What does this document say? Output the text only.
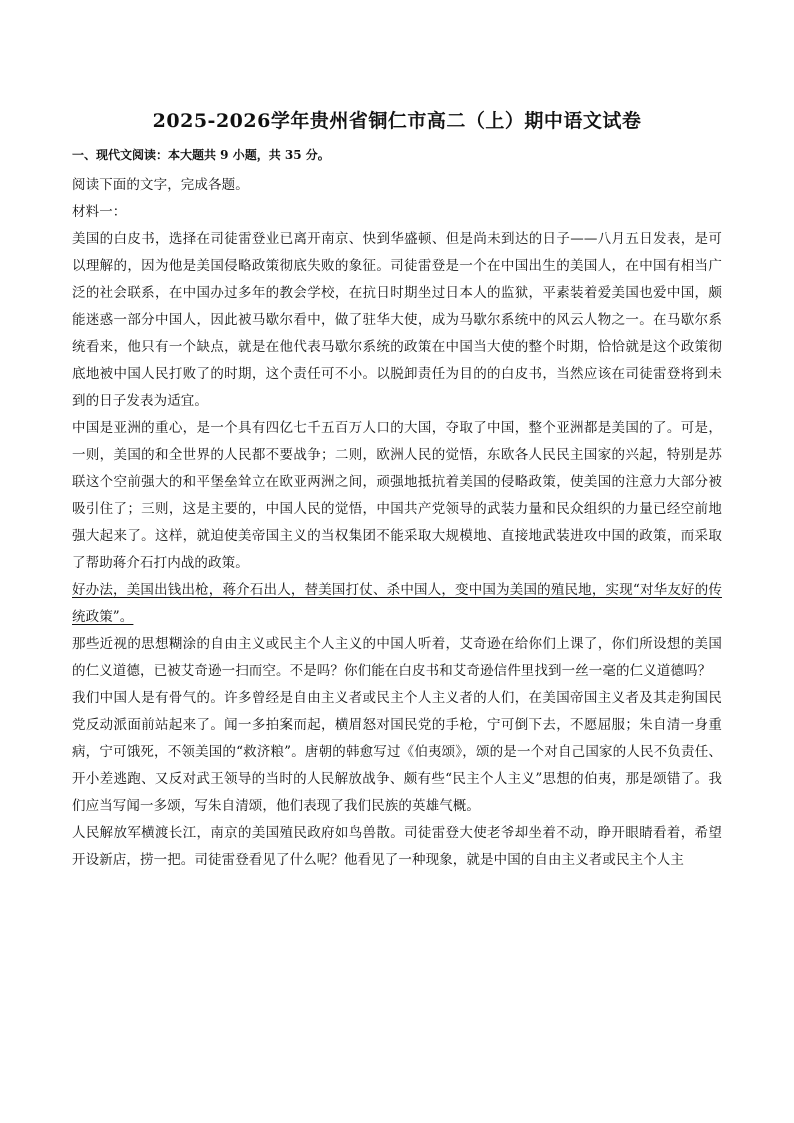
2025-2026学年贵州省铜仁市高二（上）期中语文试卷

一、现代文阅读：本大题共 9 小题，共 35 分。

阅读下面的文字，完成各题。

材料一：

美国的白皮书，选择在司徒雷登业已离开南京、快到华盛顿、但是尚未到达的日子——八月五日发表，是可以理解的，因为他是美国侵略政策彻底失败的象征。司徒雷登是一个在中国出生的美国人，在中国有相当广泛的社会联系，在中国办过多年的教会学校，在抗日时期坐过日本人的监狱，平素装着爱美国也爱中国，颇能迷惑一部分中国人，因此被马歇尔看中，做了驻华大使，成为马歇尔系统中的风云人物之一。在马歇尔系统看来，他只有一个缺点，就是在他代表马歇尔系统的政策在中国当大使的整个时期，恰恰就是这个政策彻底地被中国人民打败了的时期，这个责任可不小。以脱卸责任为目的的白皮书，当然应该在司徒雷登将到未到的日子发表为适宜。

中国是亚洲的重心，是一个具有四亿七千五百万人口的大国，夺取了中国，整个亚洲都是美国的了。可是，一则，美国的和全世界的人民都不要战争；二则，欧洲人民的觉悟，东欧各人民民主国家的兴起，特别是苏联这个空前强大的和平堡垒耸立在欧亚两洲之间，顽强地抵抗着美国的侵略政策，使美国的注意力大部分被吸引住了；三则，这是主要的，中国人民的觉悟，中国共产党领导的武装力量和民众组织的力量已经空前地强大起来了。这样，就迫使美帝国主义的当权集团不能采取大规模地、直接地武装进攻中国的政策，而采取了帮助蒋介石打内战的政策。

好办法，美国出钱出枪，蒋介石出人，替美国打仗、杀中国人，变中国为美国的殖民地，实现“对华友好的传统政策”。

那些近视的思想糊涂的自由主义或民主个人主义的中国人听着，艾奇逊在给你们上课了，你们所设想的美国的仁义道德，已被艾奇逊一扫而空。不是吗？你们能在白皮书和艾奇逊信件里找到一丝一毫的仁义道德吗？

我们中国人是有骨气的。许多曾经是自由主义者或民主个人主义者的人们，在美国帝国主义者及其走狗国民党反动派面前站起来了。闻一多拍案而起，横眉怒对国民党的手枪，宁可倒下去，不愿屈服；朱自清一身重病，宁可饿死，不领美国的“救济粮”。唐朝的韩愈写过《伯夷颂》，颂的是一个对自己国家的人民不负责任、开小差逃跑、又反对武王领导的当时的人民解放战争、颇有些“民主个人主义”思想的伯夷，那是颂错了。我们应当写闻一多颂，写朱自清颂，他们表现了我们民族的英雄气概。

人民解放军横渡长江，南京的美国殖民政府如鸟兽散。司徒雷登大使老爷却坐着不动，睁开眼睛看着，希望开设新店，捞一把。司徒雷登看见了什么呢？他看见了一种现象，就是中国的自由主义者或民主个人主
